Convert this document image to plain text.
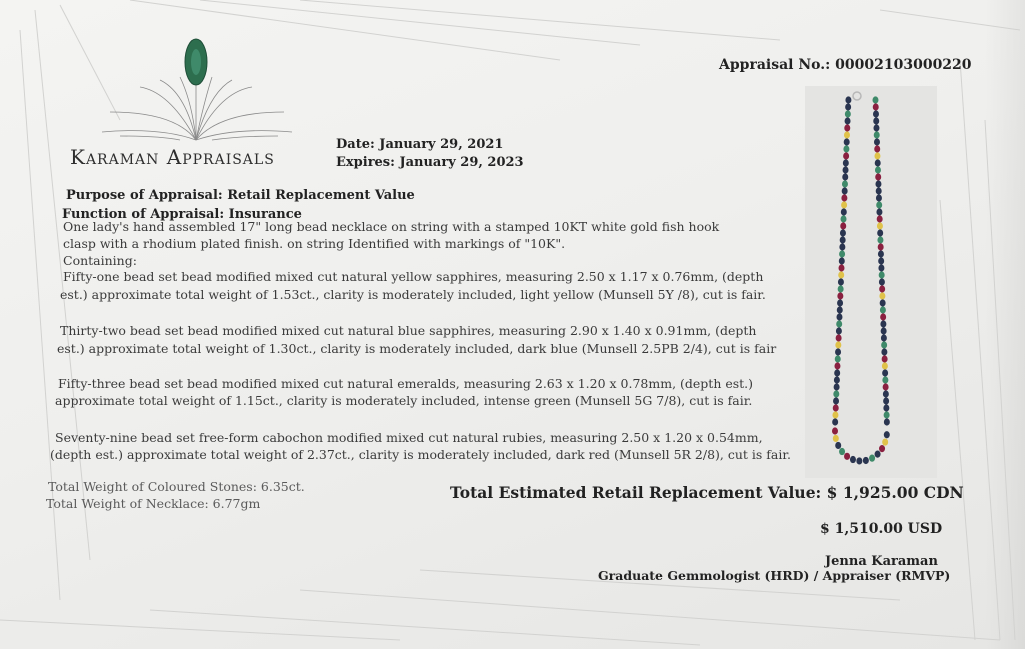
Karaman Appraisals
Appraisal No.: 00002103000220
Date: January 29, 2021
Expires: January 29, 2023
Purpose of Appraisal: Retail Replacement Value
Function of Appraisal: Insurance
One lady's hand assembled 17" long bead necklace on string with a stamped 10KT white gold fish hook
clasp with a rhodium plated finish. on string Identified with markings of "10K".
Containing:
Fifty-one bead set bead modified mixed cut natural yellow sapphires, measuring 2.50 x 1.17 x 0.76mm, (depth
est.) approximate total weight of 1.53ct., clarity is moderately included, light yellow (Munsell 5Y /8), cut is fair.
Thirty-two bead set bead modified mixed cut natural blue sapphires, measuring 2.90 x 1.40 x 0.91mm, (depth
est.) approximate total weight of 1.30ct., clarity is moderately included, dark blue (Munsell 2.5PB 2/4), cut is fair
Fifty-three bead set bead modified mixed cut natural emeralds, measuring 2.63 x 1.20 x 0.78mm, (depth est.)
approximate total weight of 1.15ct., clarity is moderately included, intense green (Munsell 5G 7/8), cut is fair.
Seventy-nine bead set free-form cabochon modified mixed cut natural rubies, measuring 2.50 x 1.20 x 0.54mm,
(depth est.) approximate total weight of 2.37ct., clarity is moderately included, dark red (Munsell 5R 2/8), cut is fair.
Total Weight of Coloured Stones: 6.35ct.
Total Weight of Necklace: 6.77gm
Total Estimated Retail Replacement Value: $ 1,925.00 CDN
$ 1,510.00 USD
Jenna Karaman
Graduate Gemmologist (HRD) / Appraiser (RMVP)
